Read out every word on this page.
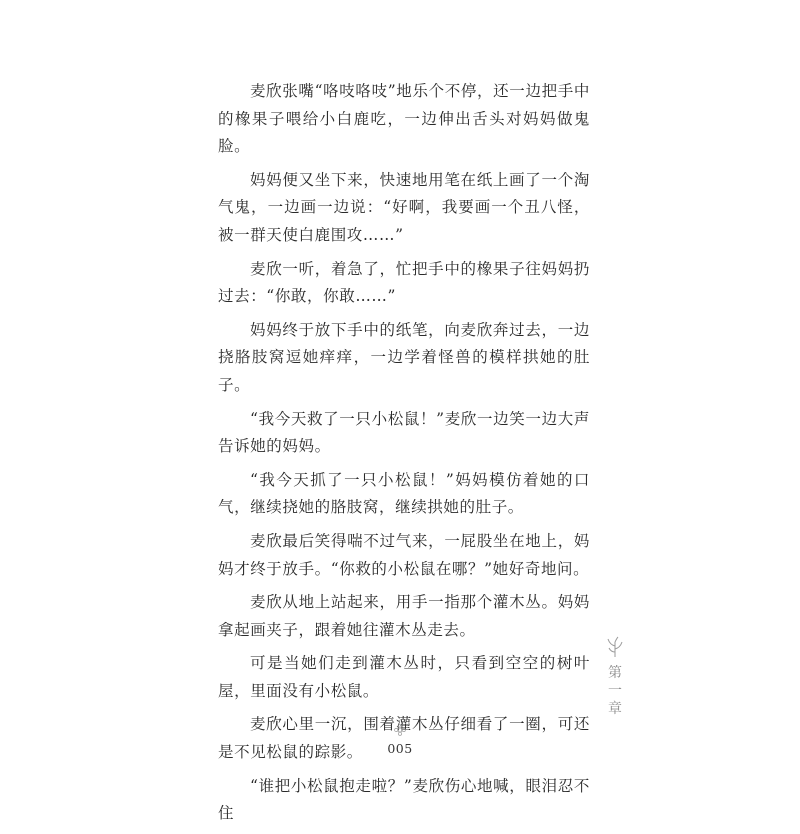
麦欣张嘴“咯吱咯吱”地乐个不停，还一边把手中的橡果子喂给小白鹿吃，一边伸出舌头对妈妈做鬼脸。

妈妈便又坐下来，快速地用笔在纸上画了一个淘气鬼，一边画一边说：“好啊，我要画一个丑八怪，被一群天使白鹿围攻……”

麦欣一听，着急了，忙把手中的橡果子往妈妈扔过去：“你敢，你敢……”

妈妈终于放下手中的纸笔，向麦欣奔过去，一边挠胳肢窝逗她痒痒，一边学着怪兽的模样拱她的肚子。

“我今天救了一只小松鼠！”麦欣一边笑一边大声告诉她的妈妈。

“我今天抓了一只小松鼠！”妈妈模仿着她的口气，继续挠她的胳肢窝，继续拱她的肚子。

麦欣最后笑得喘不过气来，一屁股坐在地上，妈妈才终于放手。“你救的小松鼠在哪？”她好奇地问。

麦欣从地上站起来，用手一指那个灌木丛。妈妈拿起画夹子，跟着她往灌木丛走去。

可是当她们走到灌木丛时，只看到空空的树叶屋，里面没有小松鼠。

麦欣心里一沉，围着灌木丛仔细看了一圈，可还是不见松鼠的踪影。

“谁把小松鼠抱走啦？”麦欣伤心地喊，眼泪忍不住

第
一
章
005
